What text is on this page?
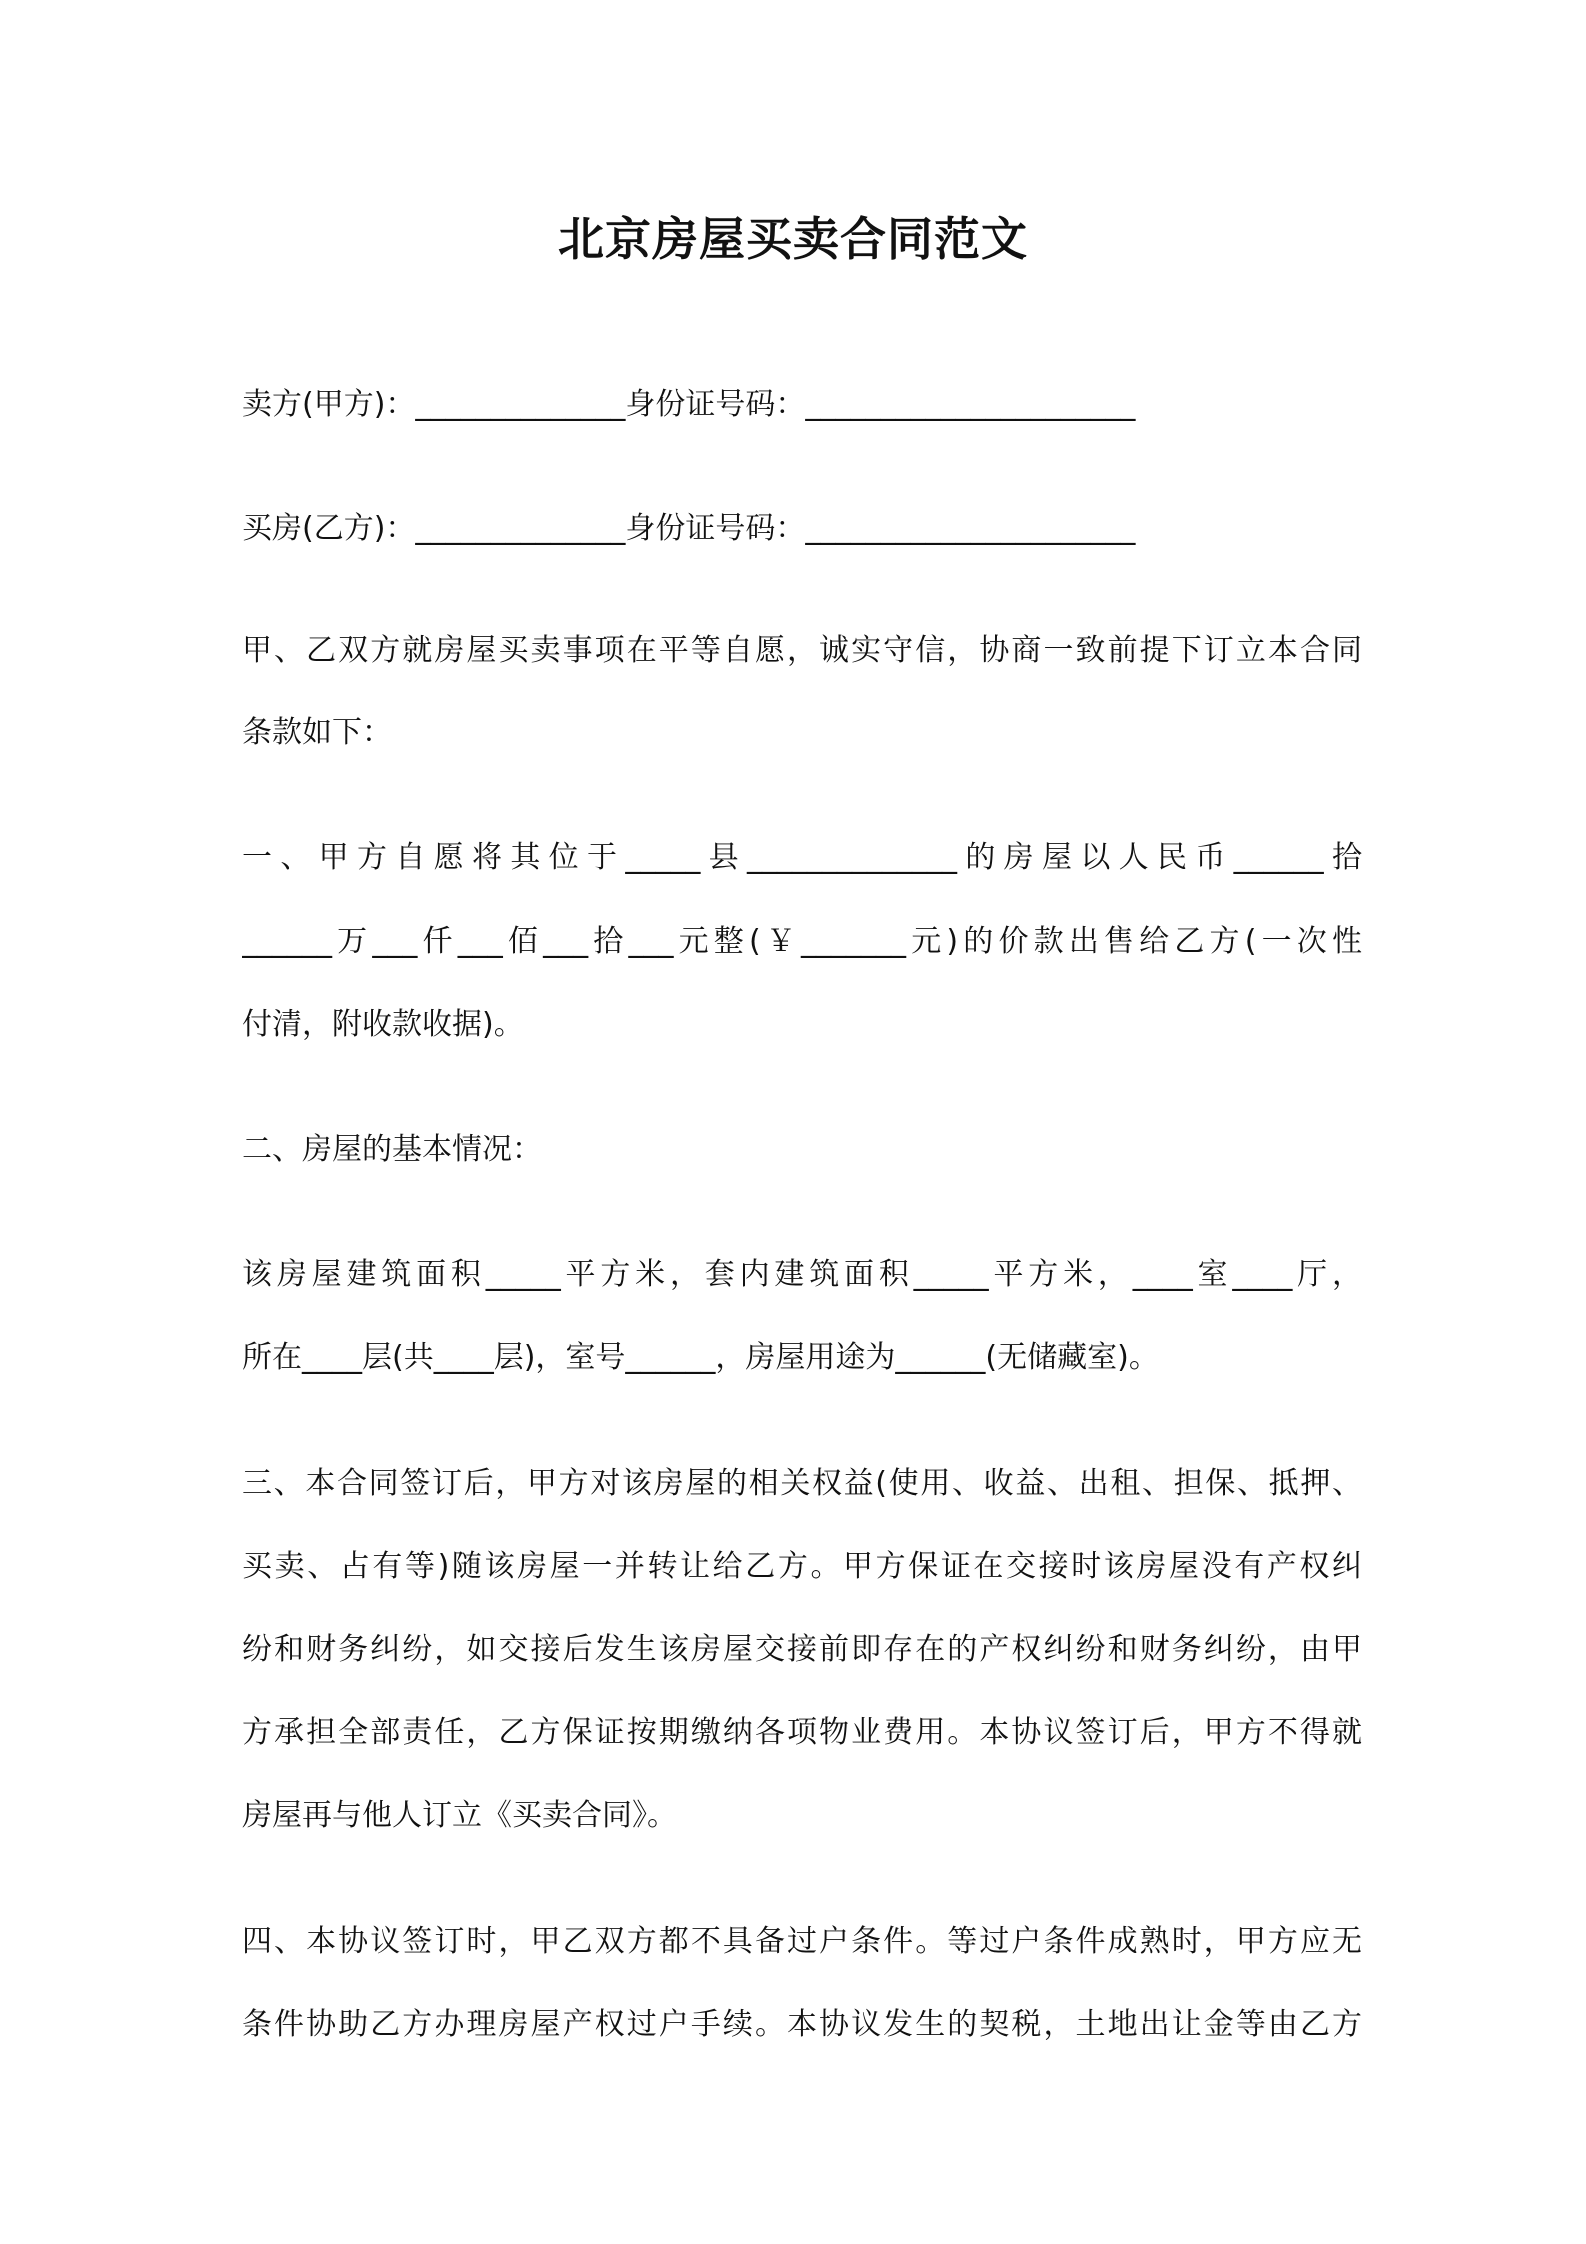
北京房屋买卖合同范文
卖方(甲方)：______________身份证号码：______________________
买房(乙方)：______________身份证号码：______________________
甲、乙双方就房屋买卖事项在平等自愿，诚实守信，协商一致前提下订立本合同
条款如下：
一、甲方自愿将其位于_____县______________的房屋以人民币______拾
______万___仟___佰___拾___元整(￥_______元)的价款出售给乙方(一次性
付清，附收款收据)。
二、房屋的基本情况：
该房屋建筑面积_____平方米，套内建筑面积_____平方米，____室____厅，
所在____层(共____层)，室号______，房屋用途为______(无储藏室)。
三、本合同签订后，甲方对该房屋的相关权益(使用、收益、出租、担保、抵押、
买卖、占有等)随该房屋一并转让给乙方。甲方保证在交接时该房屋没有产权纠
纷和财务纠纷，如交接后发生该房屋交接前即存在的产权纠纷和财务纠纷，由甲
方承担全部责任，乙方保证按期缴纳各项物业费用。本协议签订后，甲方不得就
房屋再与他人订立《买卖合同》。
四、本协议签订时，甲乙双方都不具备过户条件。等过户条件成熟时，甲方应无
条件协助乙方办理房屋产权过户手续。本协议发生的契税，土地出让金等由乙方
